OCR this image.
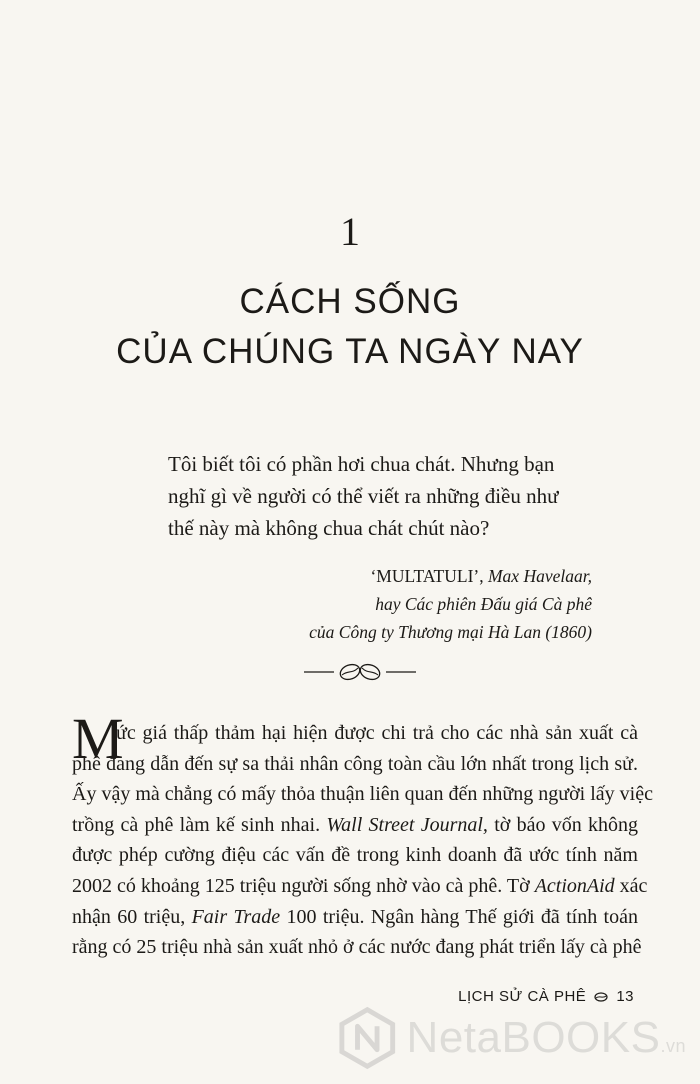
1
CÁCH SỐNG
CỦA CHÚNG TA NGÀY NAY

Tôi biết tôi có phần hơi chua chát. Nhưng bạn

nghĩ gì về người có thể viết ra những điều như

thế này mà không chua chát chút nào?

‘MULTATULI’, Max Havelaar,

hay Các phiên Đấu giá Cà phê

của Công ty Thương mại Hà Lan (1860)

M
ức giá thấp thảm hại hiện được chi trả cho các nhà sản xuất cà
phê đang dẫn đến sự sa thải nhân công toàn cầu lớn nhất trong lịch sử.
Ấy vậy mà chẳng có mấy thỏa thuận liên quan đến những người lấy việc
trồng cà phê làm kế sinh nhai. Wall Street Journal, tờ báo vốn không
được phép cường điệu các vấn đề trong kinh doanh đã ước tính năm
2002 có khoảng 125 triệu người sống nhờ vào cà phê. Tờ ActionAid xác
nhận 60 triệu, Fair Trade 100 triệu. Ngân hàng Thế giới đã tính toán
rằng có 25 triệu nhà sản xuất nhỏ ở các nước đang phát triển lấy cà phê
LỊCH SỬ CÀ PHÊ 13
NetaBOOKS.vn
